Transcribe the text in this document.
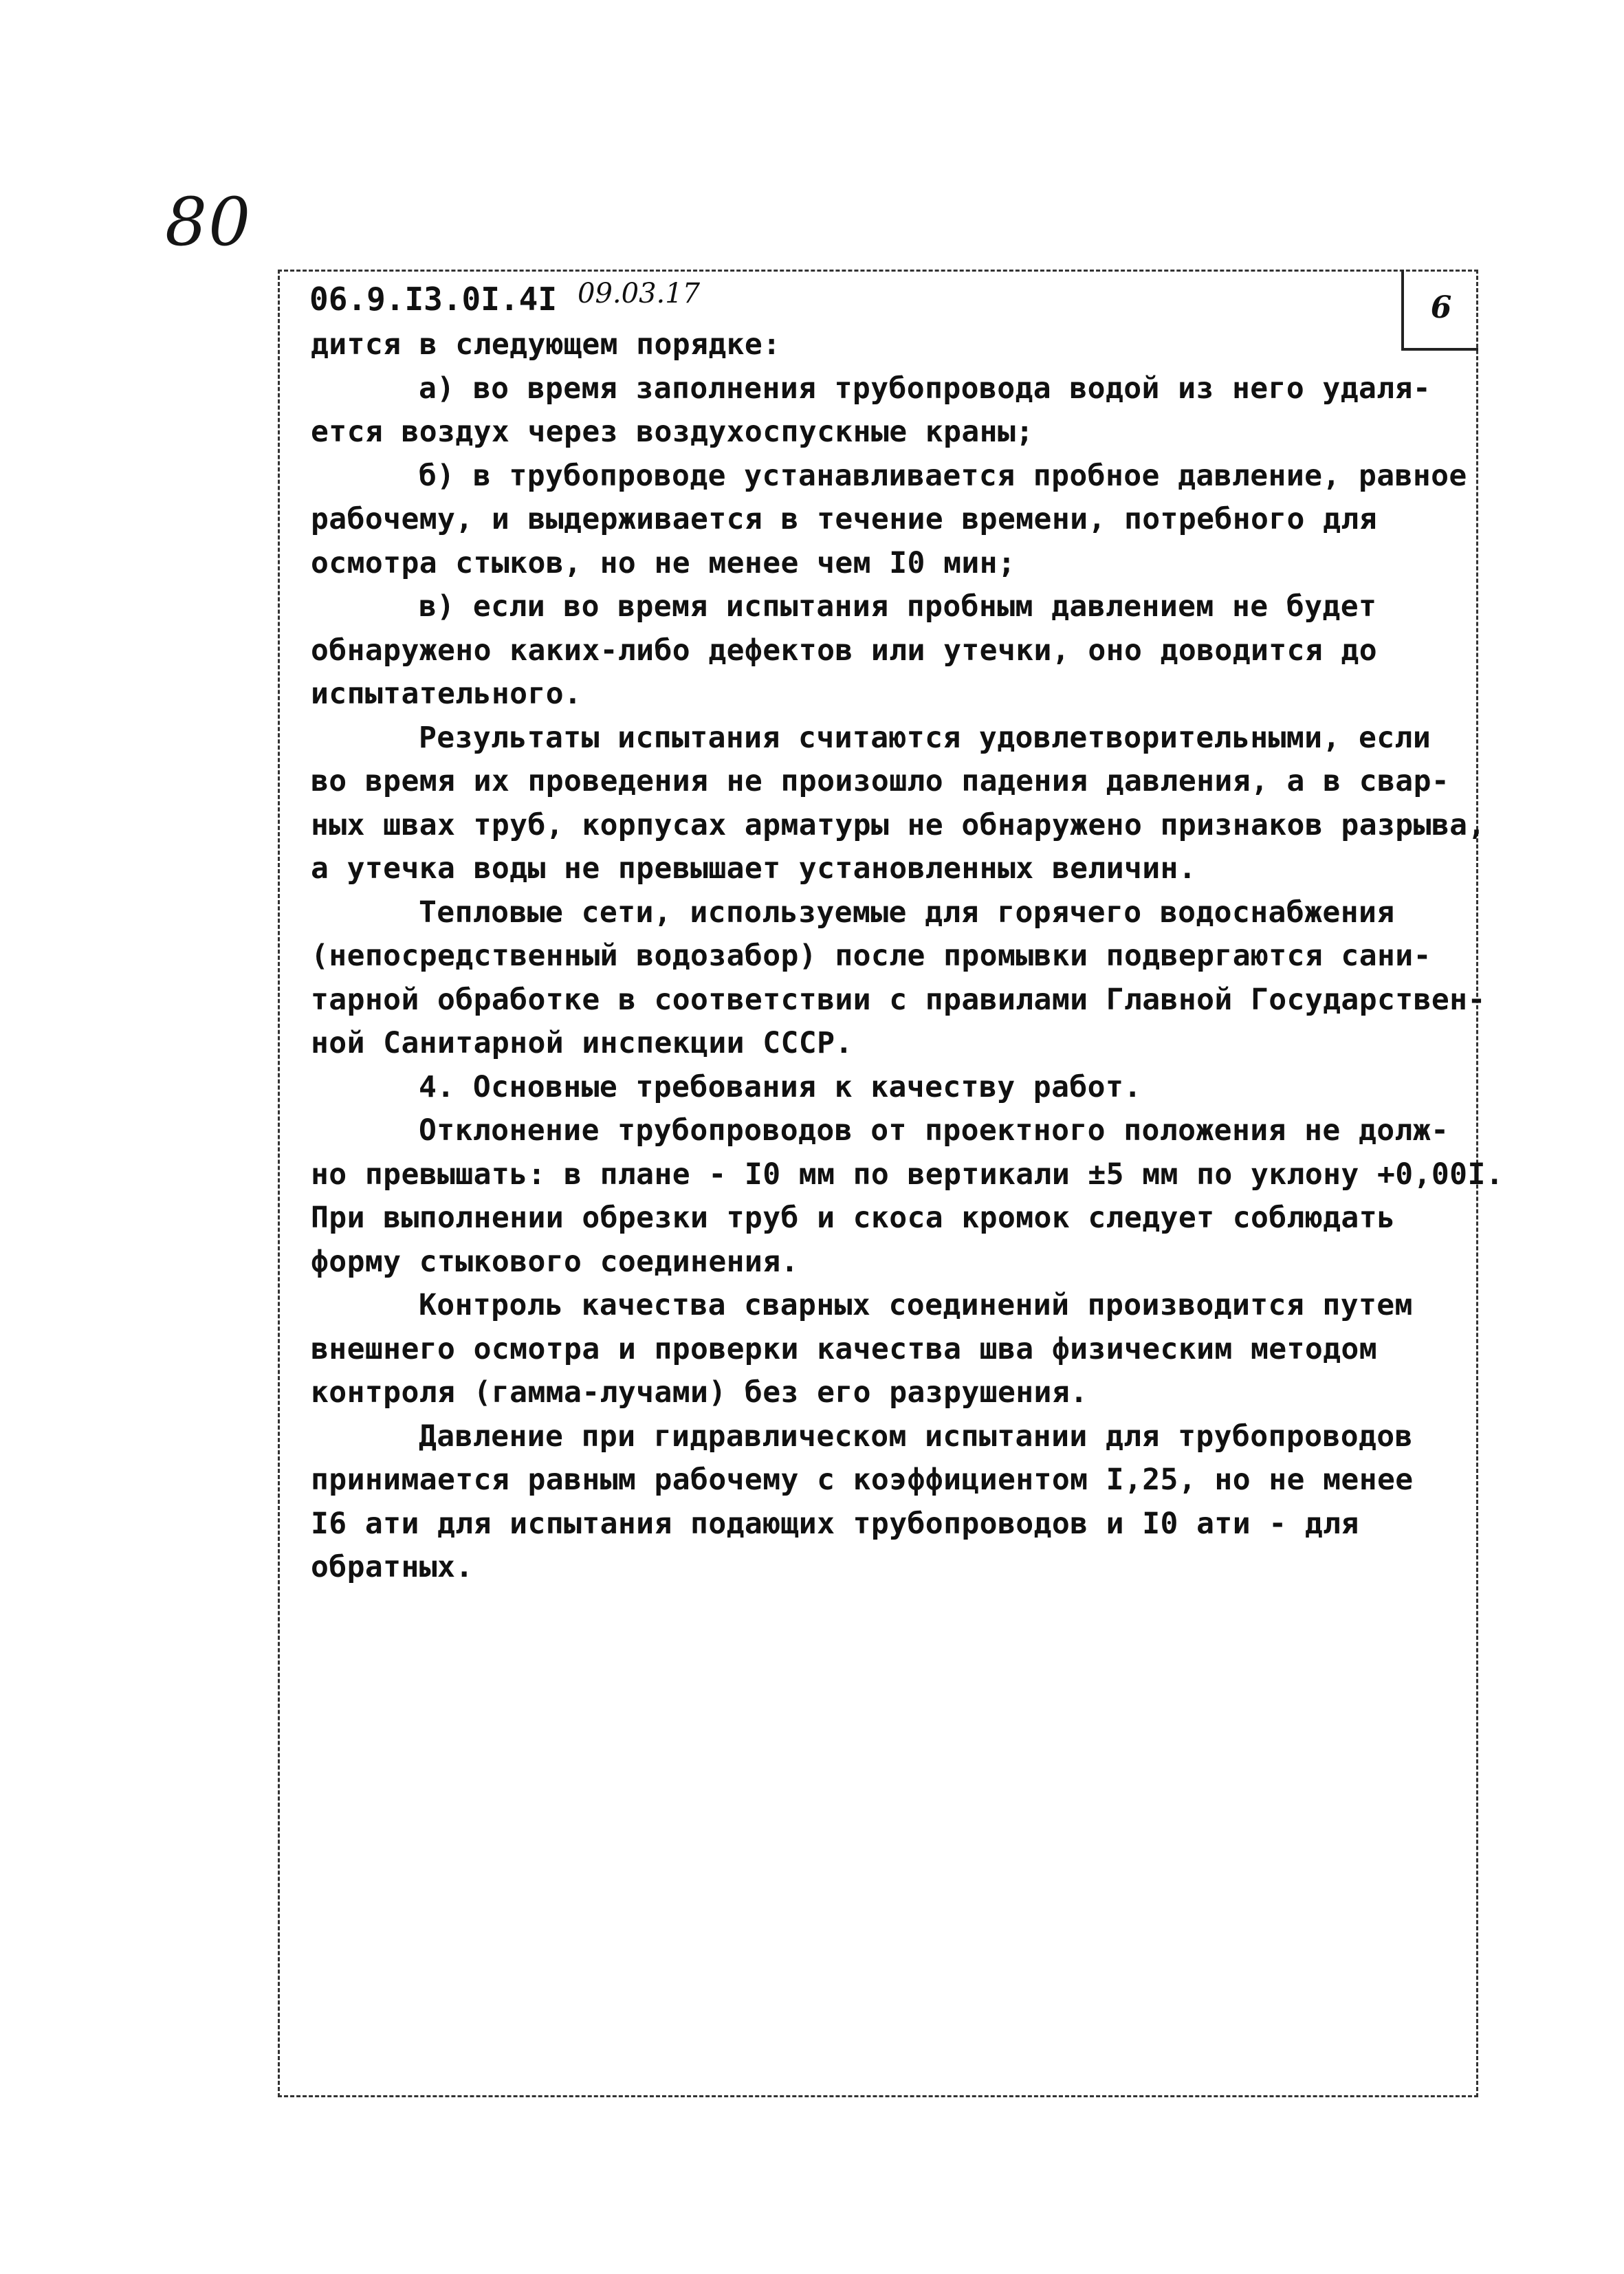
80
6
06.9.I3.0I.4I 09.03.17
дится в следующем порядке:
а) во время заполнения трубопровода водой из него удаля-
ется воздух через воздухоспускные краны;
б) в трубопроводе устанавливается пробное давление, равное
рабочему, и выдерживается в течение времени, потребного для
осмотра стыков, но не менее чем I0 мин;
в) если во время испытания пробным давлением не будет
обнаружено каких-либо дефектов или утечки, оно доводится до
испытательного.
Результаты испытания считаются удовлетворительными, если
во время их проведения не произошло падения давления, а в свар-
ных швах труб, корпусах арматуры не обнаружено признаков разрыва,
а утечка воды не превышает установленных величин.
Тепловые сети, используемые для горячего водоснабжения
(непосредственный водозабор) после промывки подвергаются сани-
тарной обработке в соответствии с правилами Главной Государствен-
ной Санитарной инспекции СССР.
4. Основные требования к качеству работ.
Отклонение трубопроводов от проектного положения не долж-
но превышать: в плане - I0 мм по вертикали ±5 мм по уклону +0,00I.
При выполнении обрезки труб и скоса кромок следует соблюдать
форму стыкового соединения.
Контроль качества сварных соединений производится путем
внешнего осмотра и проверки качества шва физическим методом
контроля (гамма-лучами) без его разрушения.
Давление при гидравлическом испытании для трубопроводов
принимается равным рабочему с коэффициентом I,25, но не менее
I6 ати для испытания подающих трубопроводов и I0 ати - для
обратных.
